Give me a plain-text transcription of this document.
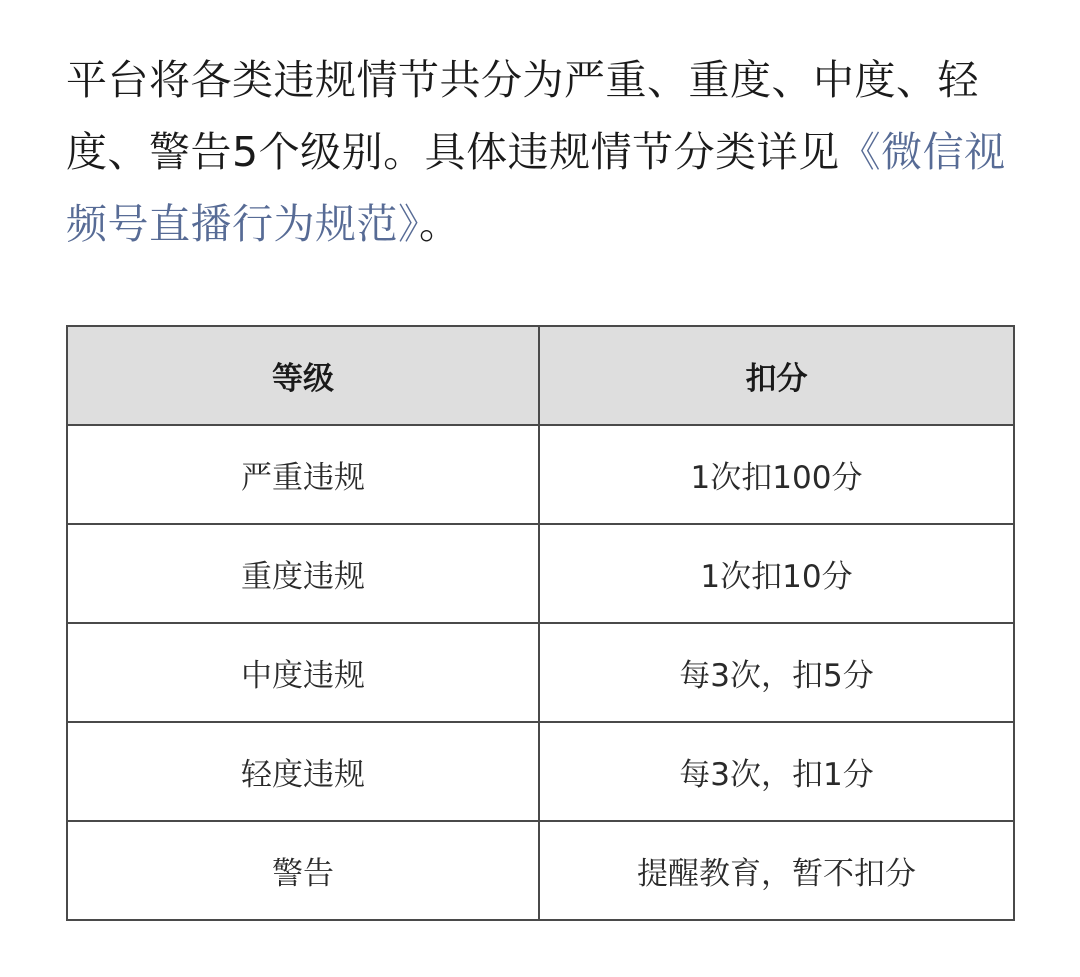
平台将各类违规情节共分为严重、重度、中度、轻度、警告5个级别。具体违规情节分类详见《微信视频号直播行为规范》。

等级	扣分
严重违规	1次扣100分
重度违规	1次扣10分
中度违规	每3次，扣5分
轻度违规	每3次，扣1分
警告	提醒教育，暂不扣分
